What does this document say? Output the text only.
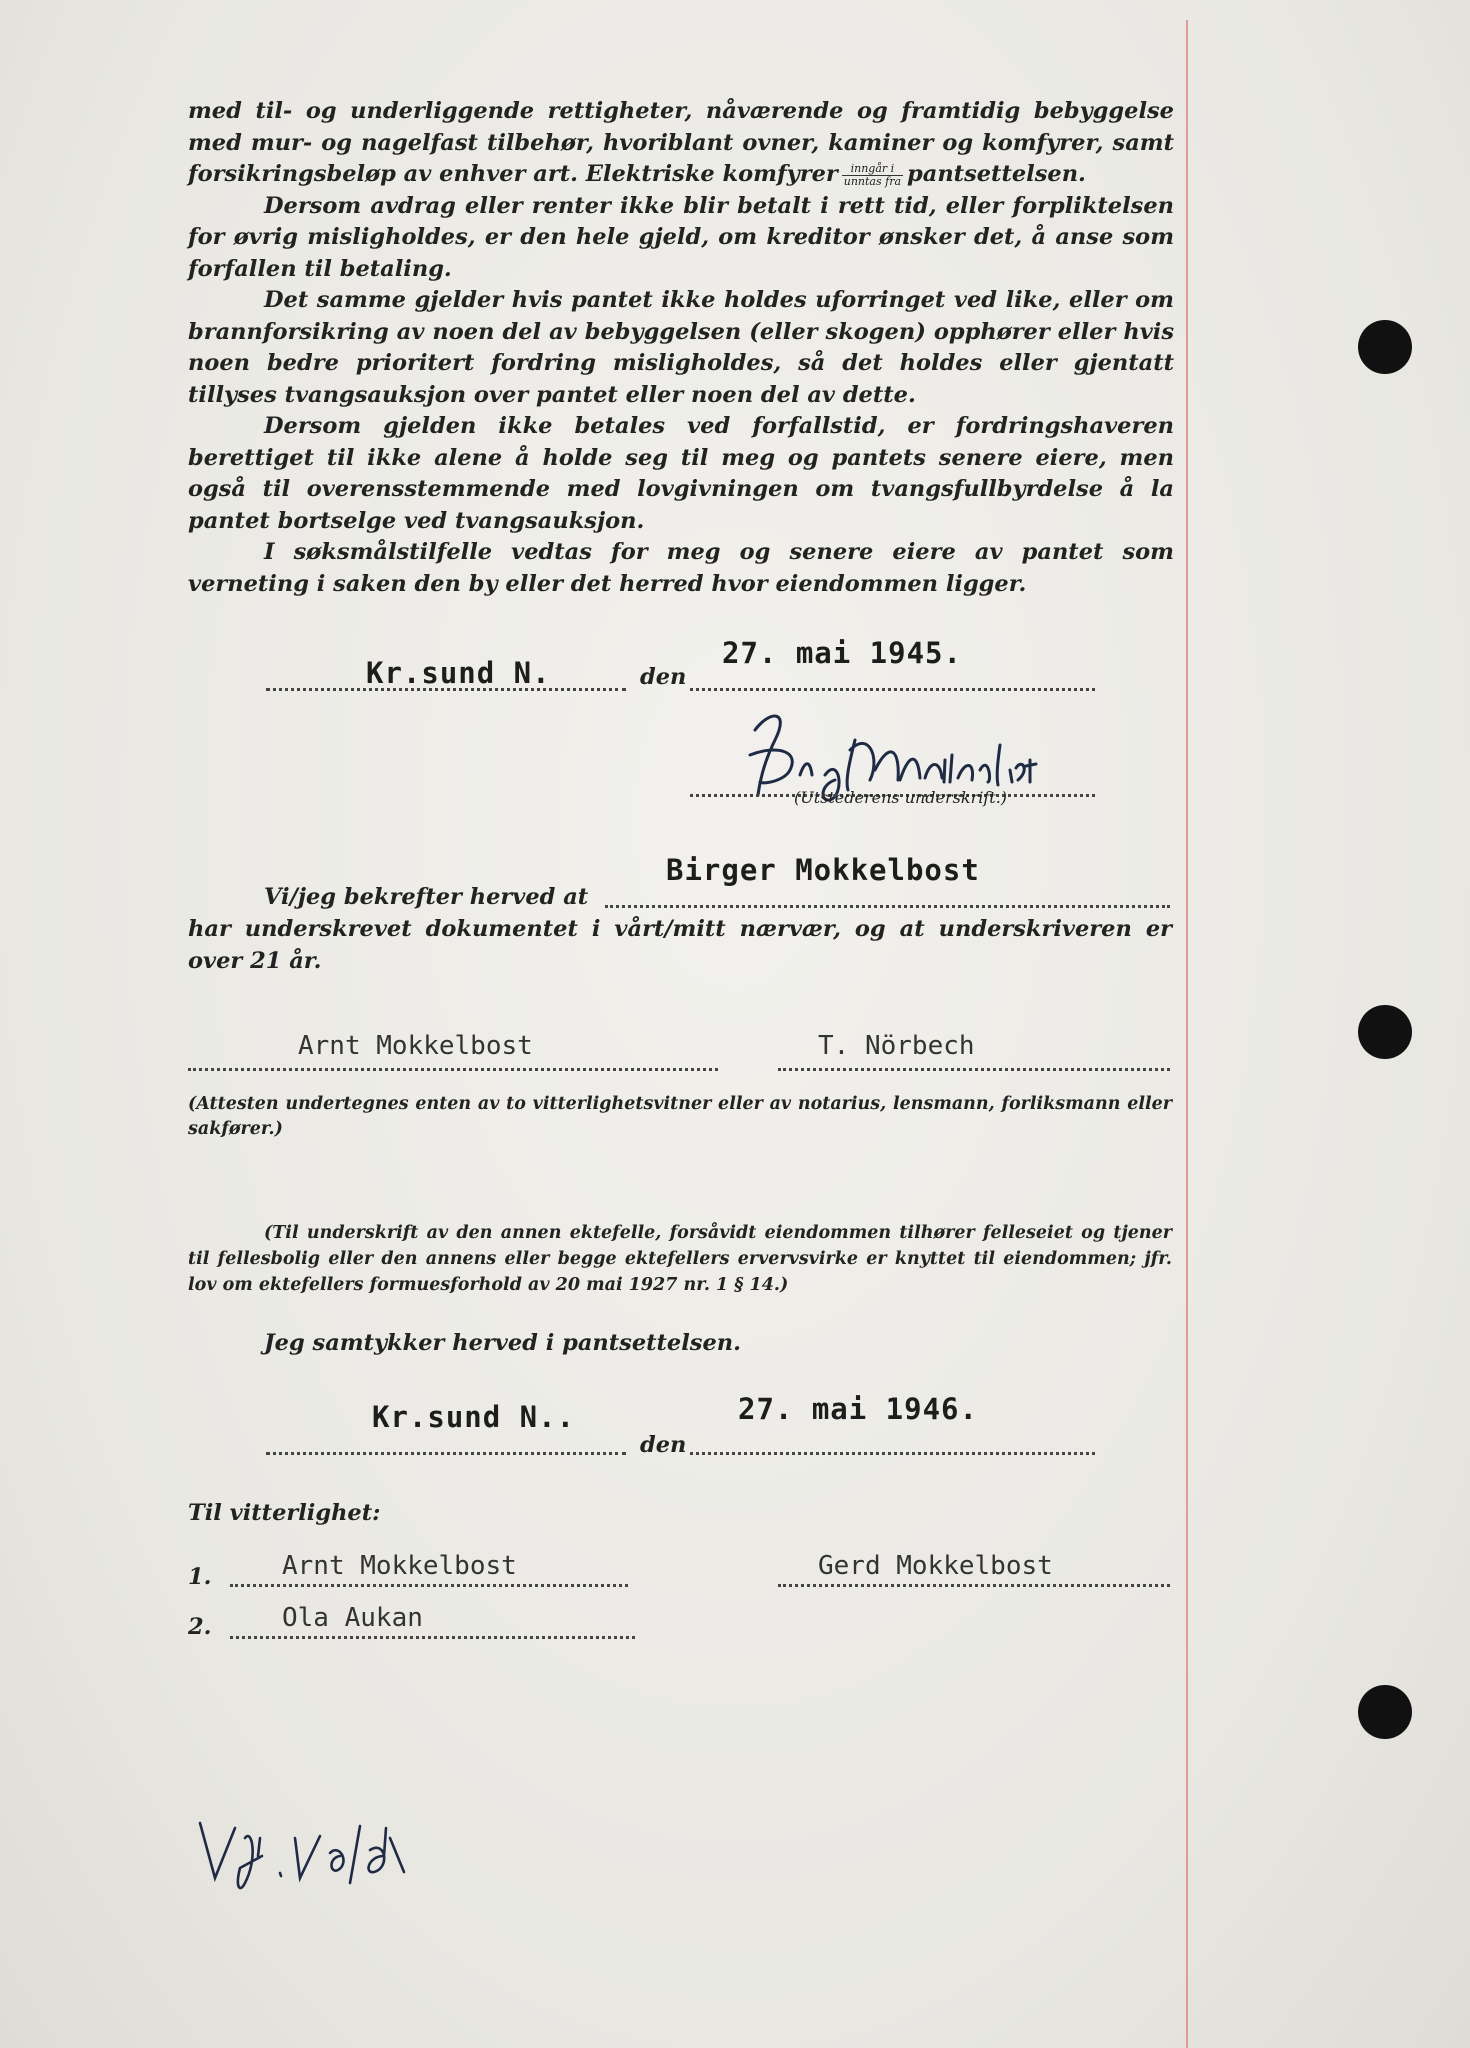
med til- og underliggende rettigheter, nåværende og framtidig bebyggelse med mur- og nagelfast tilbehør, hvoriblant ovner, kaminer og komfyrer, samt forsikringsbeløp av enhver art. Elektriske komfyrer $\frac{\text{inngår i}}{\text{unntas fra}}$ pantsettelsen.

Dersom avdrag eller renter ikke blir betalt i rett tid, eller forpliktelsen for øvrig misligholdes, er den hele gjeld, om kreditor ønsker det, å anse som forfallen til betaling.

Det samme gjelder hvis pantet ikke holdes uforringet ved like, eller om brannforsikring av noen del av bebyggelsen (eller skogen) opphører eller hvis noen bedre prioritert fordring misligholdes, så det holdes eller gjentatt tillyses tvangsauksjon over pantet eller noen del av dette.

Dersom gjelden ikke betales ved forfallstid, er fordringshaveren berettiget til ikke alene å holde seg til meg og pantets senere eiere, men også til overensstemmende med lovgivningen om tvangsfullbyrdelse å la pantet bortselge ved tvangsauksjon.

I søksmålstilfelle vedtas for meg og senere eiere av pantet som verneting i saken den by eller det herred hvor eiendommen ligger.

Kr.sund N.	den
27. mai 1945.
(Utstederens underskrift.)
Birger Mokkelbost
Vi/jeg bekrefter herved at
har underskrevet dokumentet i vårt/mitt nærvær, og at underskriveren er over 21 år.
Arnt Mokkelbost	T. Nörbech
(Attesten undertegnes enten av to vitterlighetsvitner eller av notarius, lensmann, forliksmann eller sakfører.)
(Til underskrift av den annen ektefelle, forsåvidt eiendommen tilhører felleseiet og tjener til fellesbolig eller den annens eller begge ektefellers ervervsvirke er knyttet til eiendommen; jfr. lov om ektefellers formuesforhold av 20 mai 1927 nr. 1 § 14.)
Jeg samtykker herved i pantsettelsen.
Kr.sund N..
den
27. mai 1946.
Til vitterlighet:
1.	Arnt Mokkelbost	Gerd Mokkelbost
2.	Ola Aukan
